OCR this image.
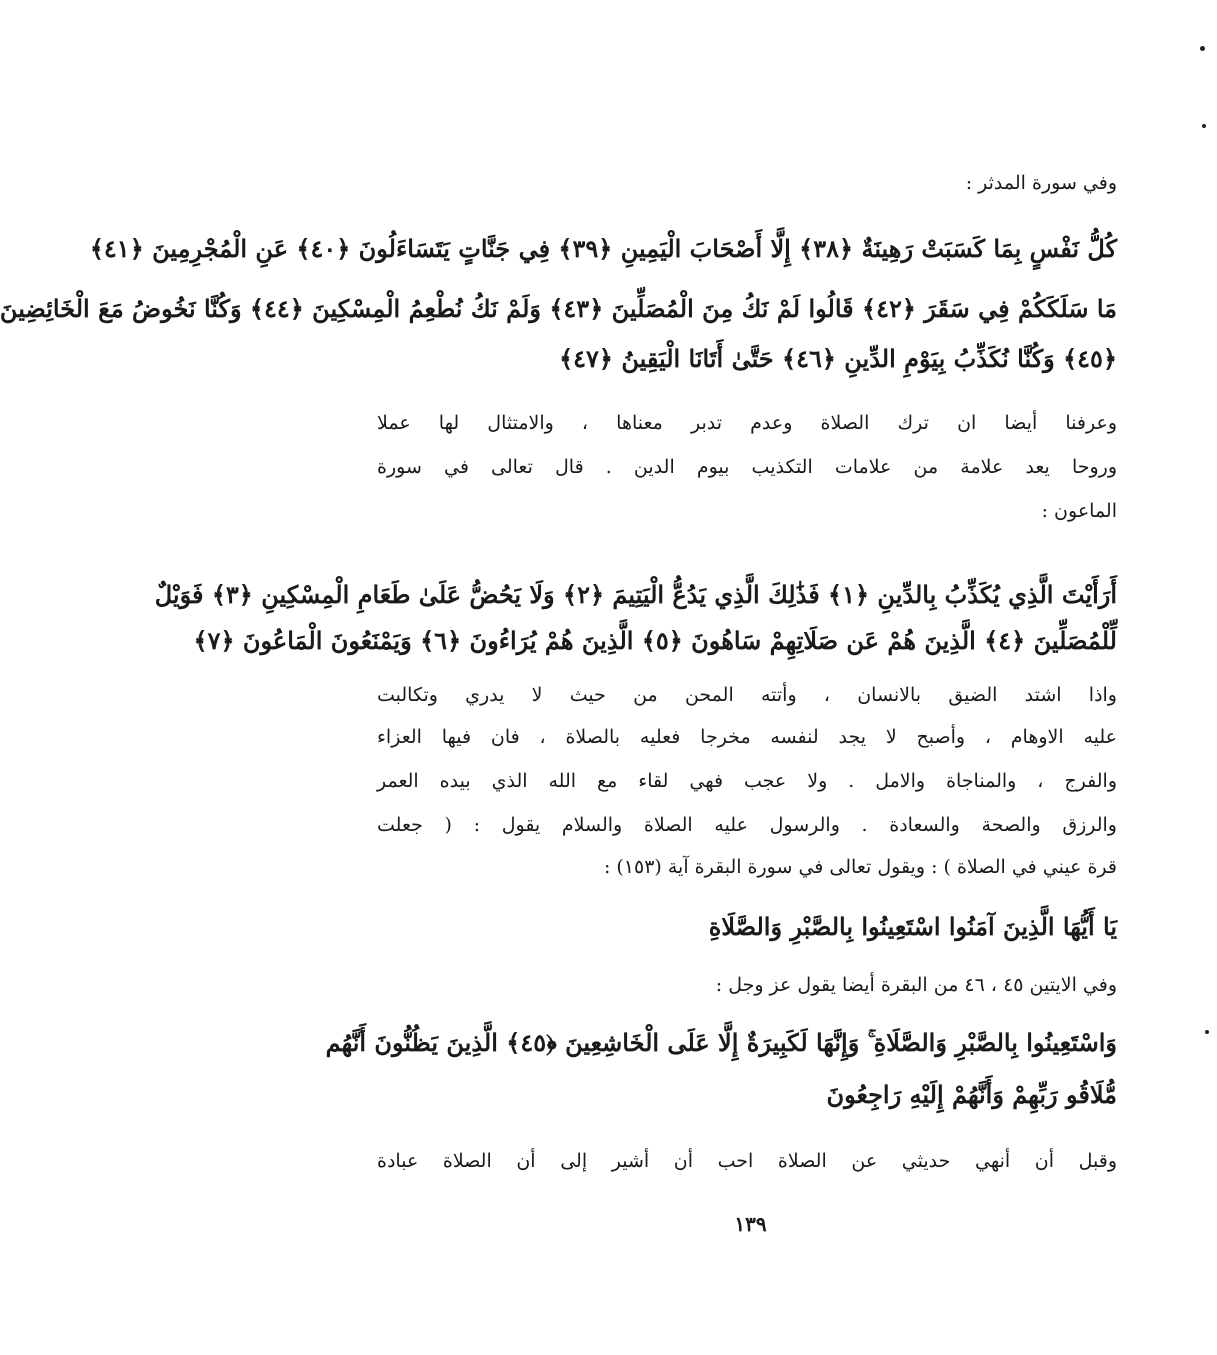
وفي سورة المدثر :
كُلُّ نَفْسٍ بِمَا كَسَبَتْ رَهِينَةٌ ﴿٣٨﴾ إِلَّا أَصْحَابَ الْيَمِينِ ﴿٣٩﴾ فِي جَنَّاتٍ يَتَسَاءَلُونَ ﴿٤٠﴾ عَنِ الْمُجْرِمِينَ ﴿٤١﴾
مَا سَلَكَكُمْ فِي سَقَرَ ﴿٤٢﴾ قَالُوا لَمْ نَكُ مِنَ الْمُصَلِّينَ ﴿٤٣﴾ وَلَمْ نَكُ نُطْعِمُ الْمِسْكِينَ ﴿٤٤﴾ وَكُنَّا نَخُوضُ مَعَ الْخَائِضِينَ
﴿٤٥﴾ وَكُنَّا نُكَذِّبُ بِيَوْمِ الدِّينِ ﴿٤٦﴾ حَتَّىٰ أَتَانَا الْيَقِينُ ﴿٤٧﴾
وعرفنا أيضا ان ترك الصلاة وعدم تدبر معناها ، والامتثال لها عملا
وروحا يعد علامة من علامات التكذيب بيوم الدين . قال تعالى في سورة
الماعون :
أَرَأَيْتَ الَّذِي يُكَذِّبُ بِالدِّينِ ﴿١﴾ فَذَٰلِكَ الَّذِي يَدُعُّ الْيَتِيمَ ﴿٢﴾ وَلَا يَحُضُّ عَلَىٰ طَعَامِ الْمِسْكِينِ ﴿٣﴾ فَوَيْلٌ
لِّلْمُصَلِّينَ ﴿٤﴾ الَّذِينَ هُمْ عَن صَلَاتِهِمْ سَاهُونَ ﴿٥﴾ الَّذِينَ هُمْ يُرَاءُونَ ﴿٦﴾ وَيَمْنَعُونَ الْمَاعُونَ ﴿٧﴾
واذا اشتد الضيق بالانسان ، وأتته المحن من حيث لا يدري وتكالبت
عليه الاوهام ، وأصبح لا يجد لنفسه مخرجا فعليه بالصلاة ، فان فيها العزاء
والفرج ، والمناجاة والامل . ولا عجب فهي لقاء مع الله الذي بيده العمر
والرزق والصحة والسعادة . والرسول عليه الصلاة والسلام يقول : ( جعلت
قرة عيني في الصلاة ) : ويقول تعالى في سورة البقرة آية (١٥٣) :
يَا أَيُّهَا الَّذِينَ آمَنُوا اسْتَعِينُوا بِالصَّبْرِ وَالصَّلَاةِ
وفي الايتين ٤٥ ، ٤٦ من البقرة أيضا يقول عز وجل :
وَاسْتَعِينُوا بِالصَّبْرِ وَالصَّلَاةِ ۚ وَإِنَّهَا لَكَبِيرَةٌ إِلَّا عَلَى الْخَاشِعِينَ ﴿٤٥﴾ الَّذِينَ يَظُنُّونَ أَنَّهُم
مُّلَاقُو رَبِّهِمْ وَأَنَّهُمْ إِلَيْهِ رَاجِعُونَ
وقبل أن أنهي حديثي عن الصلاة احب أن أشير إلى أن الصلاة عبادة
١٣٩
